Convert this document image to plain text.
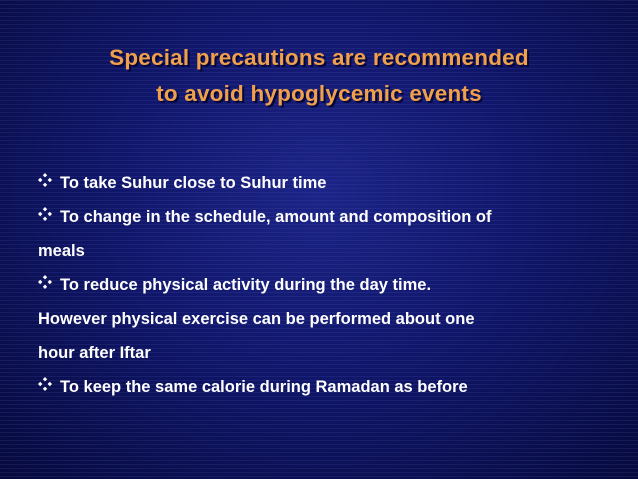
Special precautions are recommended
to avoid hypoglycemic events
To take Suhur close to Suhur time
To change in the schedule, amount and composition of
meals
To reduce physical activity during the day time.
However physical exercise can be performed about one
hour after Iftar
To keep the same calorie during Ramadan as before
